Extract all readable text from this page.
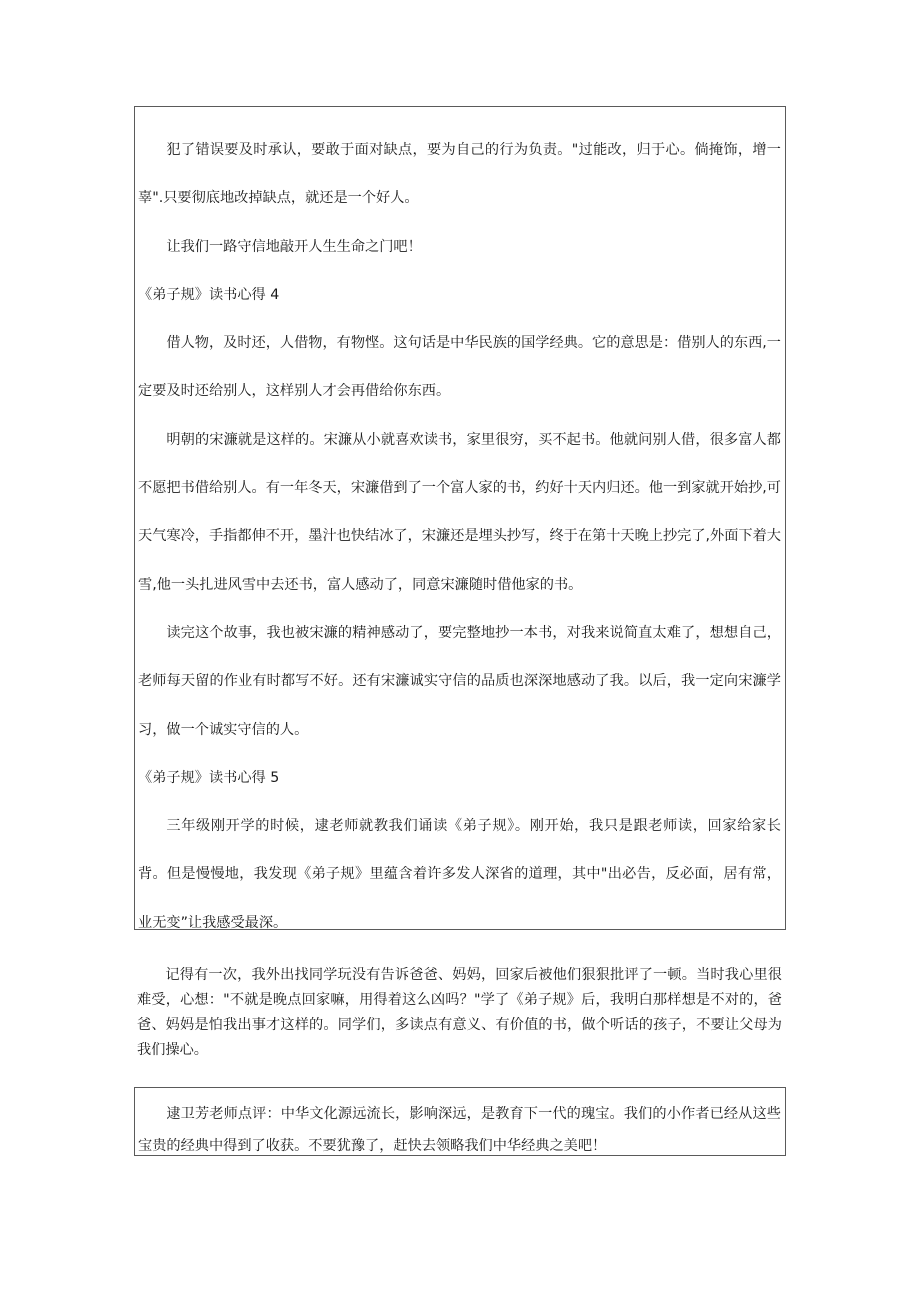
犯了错误要及时承认，要敢于面对缺点，要为自己的行为负责。"过能改，归于心。倘掩饰，增一辜".只要彻底地改掉缺点，就还是一个好人。

让我们一路守信地敲开人生生命之门吧！

《弟子规》读书心得 4

借人物，及时还，人借物，有物悭。这句话是中华民族的国学经典。它的意思是：借别人的东西,一定要及时还给别人，这样别人才会再借给你东西。

明朝的宋濂就是这样的。宋濂从小就喜欢读书，家里很穷，买不起书。他就问别人借，很多富人都不愿把书借给别人。有一年冬天，宋濂借到了一个富人家的书，约好十天内归还。他一到家就开始抄,可天气寒冷，手指都伸不开，墨汁也快结冰了，宋濂还是埋头抄写，终于在第十天晚上抄完了,外面下着大雪,他一头扎进风雪中去还书，富人感动了，同意宋濂随时借他家的书。

读完这个故事，我也被宋濂的精神感动了，要完整地抄一本书，对我来说简直太难了，想想自己，老师每天留的作业有时都写不好。还有宋濂诚实守信的品质也深深地感动了我。以后，我一定向宋濂学习，做一个诚实守信的人。

《弟子规》读书心得 5

三年级刚开学的时候，逮老师就教我们诵读《弟子规》。刚开始，我只是跟老师读，回家给家长背。但是慢慢地，我发现《弟子规》里蕴含着许多发人深省的道理，其中"出必告，反必面，居有常，业无变”让我感受最深。

记得有一次，我外出找同学玩没有告诉爸爸、妈妈，回家后被他们狠狠批评了一顿。当时我心里很难受，心想："不就是晚点回家嘛，用得着这么凶吗？"学了《弟子规》后，我明白那样想是不对的，爸爸、妈妈是怕我出事才这样的。同学们，多读点有意义、有价值的书，做个听话的孩子，不要让父母为我们操心。

逮卫芳老师点评：中华文化源远流长，影响深远，是教育下一代的瑰宝。我们的小作者已经从这些宝贵的经典中得到了收获。不要犹豫了，赶快去领略我们中华经典之美吧！
